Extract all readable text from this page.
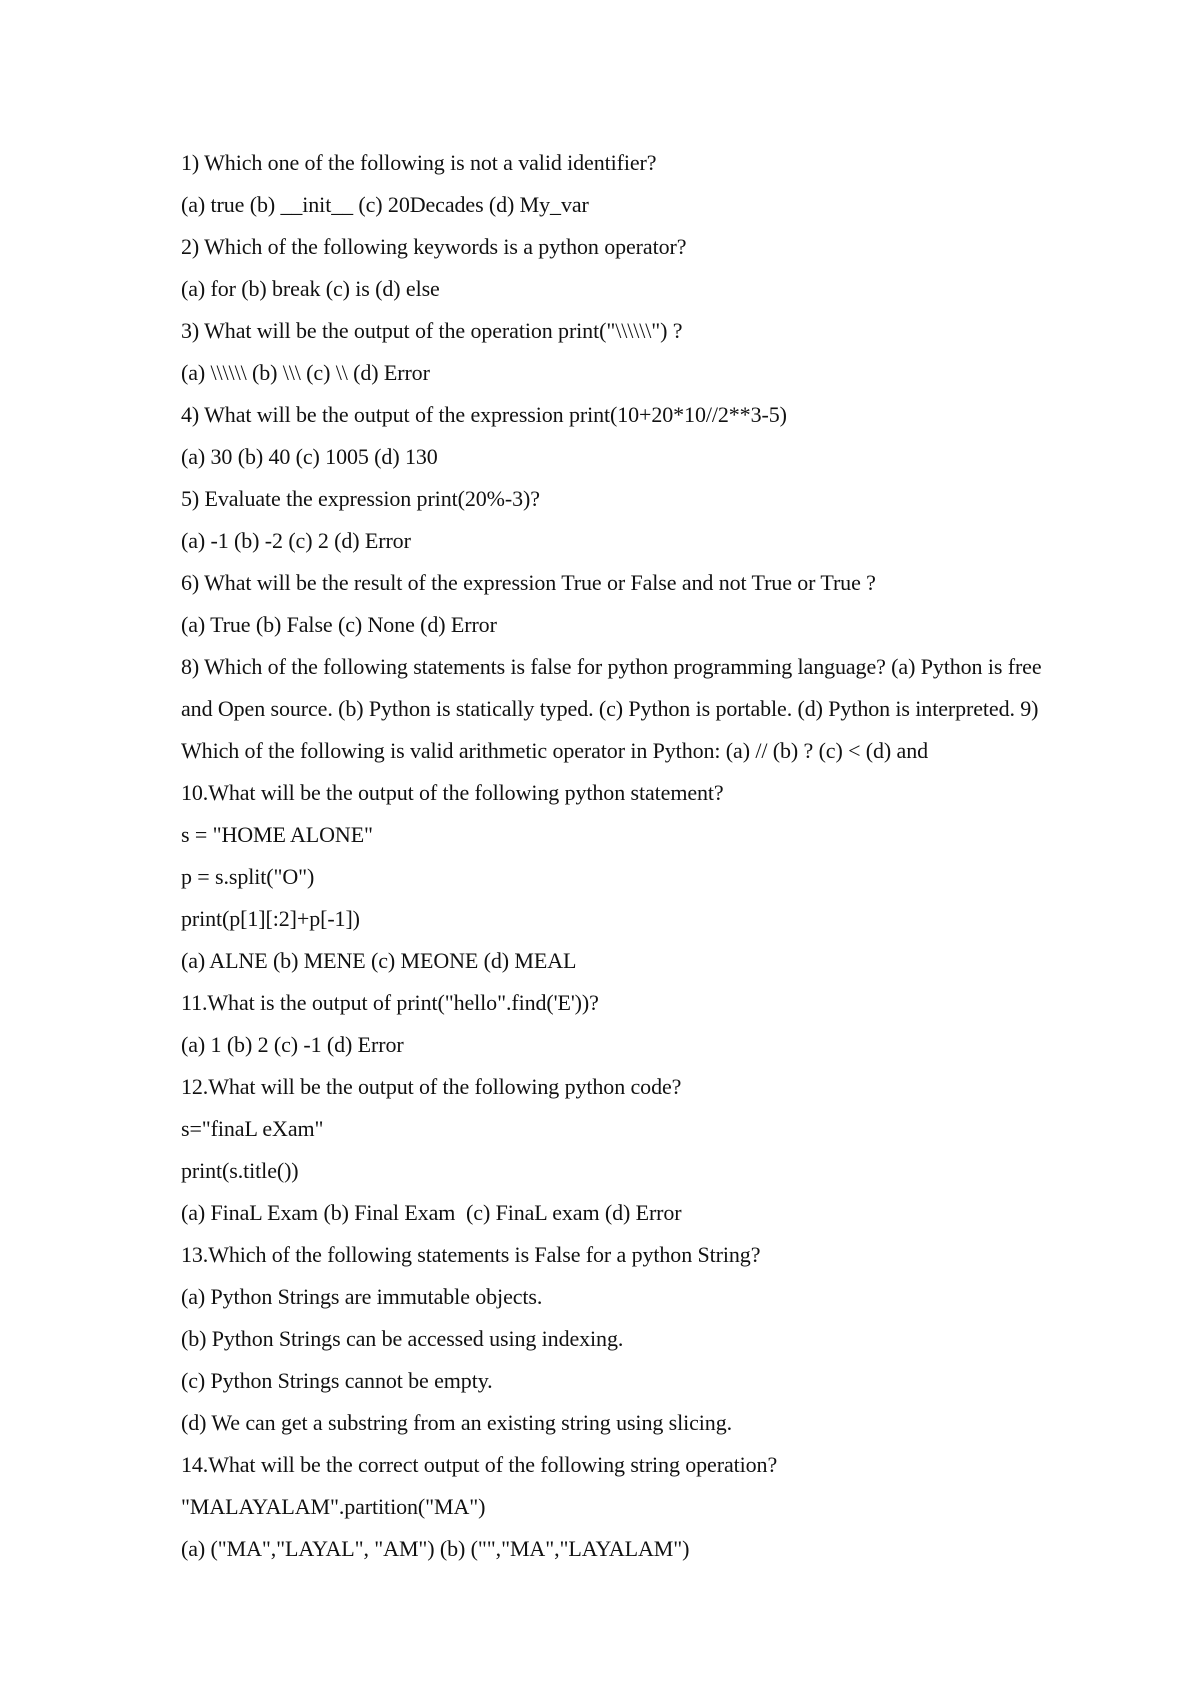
1) Which one of the following is not a valid identifier?
(a) true (b) __init__ (c) 20Decades (d) My_var
2) Which of the following keywords is a python operator?
(a) for (b) break (c) is (d) else
3) What will be the output of the operation print("\\\\\\") ?
(a) \\\\\\ (b) \\\ (c) \\ (d) Error
4) What will be the output of the expression print(10+20*10//2**3-5)
(a) 30 (b) 40 (c) 1005 (d) 130
5) Evaluate the expression print(20%-3)?
(a) -1 (b) -2 (c) 2 (d) Error
6) What will be the result of the expression True or False and not True or True ?
(a) True (b) False (c) None (d) Error
8) Which of the following statements is false for python programming language? (a) Python is free
and Open source. (b) Python is statically typed. (c) Python is portable. (d) Python is interpreted. 9)
Which of the following is valid arithmetic operator in Python: (a) // (b) ? (c) < (d) and
10.What will be the output of the following python statement?
s = "HOME ALONE"
p = s.split("O")
print(p[1][:2]+p[-1])
(a) ALNE (b) MENE (c) MEONE (d) MEAL
11.What is the output of print("hello".find('E'))?
(a) 1 (b) 2 (c) -1 (d) Error
12.What will be the output of the following python code?
s="finaL eXam"
print(s.title())
(a) FinaL Exam (b) Final Exam  (c) FinaL exam (d) Error
13.Which of the following statements is False for a python String?
(a) Python Strings are immutable objects.
(b) Python Strings can be accessed using indexing.
(c) Python Strings cannot be empty.
(d) We can get a substring from an existing string using slicing.
14.What will be the correct output of the following string operation?
"MALAYALAM".partition("MA")
(a) ("MA","LAYAL", "AM") (b) ("","MA","LAYALAM")
